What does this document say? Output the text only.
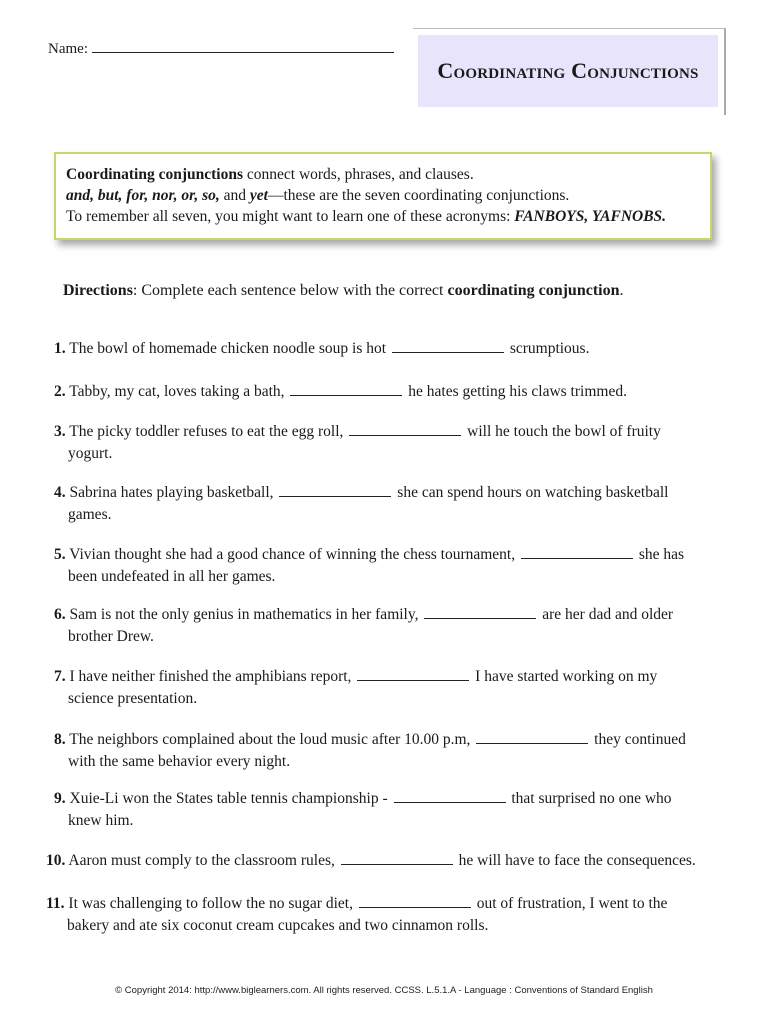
Name:
Coordinating Conjunctions
Coordinating conjunctions connect words, phrases, and clauses.
and, but, for, nor, or, so, and yet—these are the seven coordinating conjunctions.
To remember all seven, you might want to learn one of these acronyms: FANBOYS, YAFNOBS.
Directions: Complete each sentence below with the correct coordinating conjunction.
1. The bowl of homemade chicken noodle soup is hot	scrumptious.
2. Tabby, my cat, loves taking a bath,	he hates getting his claws trimmed.
3. The picky toddler refuses to eat the egg roll,	will he touch the bowl of fruity
yogurt.
4. Sabrina hates playing basketball,	she can spend hours on watching basketball
games.
5. Vivian thought she had a good chance of winning the chess tournament,	she has
been undefeated in all her games.
6. Sam is not the only genius in mathematics in her family,	are her dad and older
brother Drew.
7. I have neither finished the amphibians report,	I have started working on my
science presentation.
8. The neighbors complained about the loud music after 10.00 p.m,	they continued
with the same behavior every night.
9. Xuie-Li won the States table tennis championship -	that surprised no one who
knew him.
10. Aaron must comply to the classroom rules,	he will have to face the consequences.
11. It was challenging to follow the no sugar diet,	out of frustration, I went to the
bakery and ate six coconut cream cupcakes and two cinnamon rolls.
© Copyright 2014: http://www.biglearners.com. All rights reserved. CCSS. L.5.1.A - Language : Conventions of Standard English
